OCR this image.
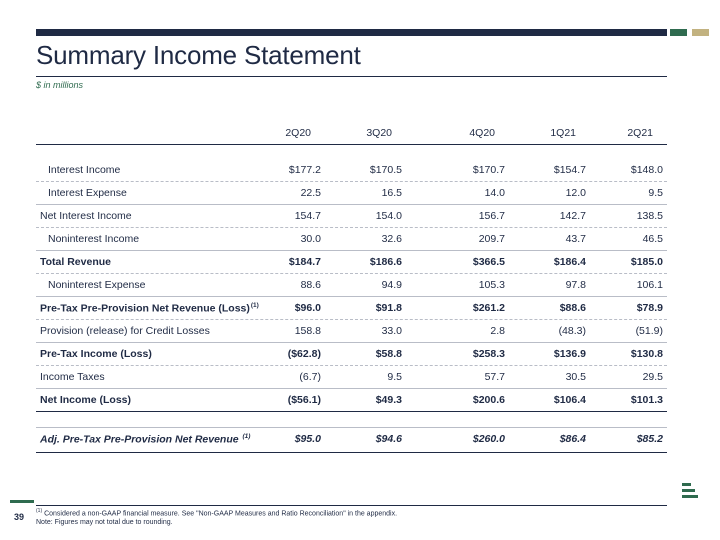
Summary Income Statement
$ in millions
2Q20	3Q20	4Q20	1Q21	2Q21
Interest Income	$177.2	$170.5	$170.7	$154.7	$148.0
Interest Expense	22.5	16.5	14.0	12.0	9.5
Net Interest Income	154.7	154.0	156.7	142.7	138.5
Noninterest Income	30.0	32.6	209.7	43.7	46.5
Total Revenue	$184.7	$186.6	$366.5	$186.4	$185.0
Noninterest Expense	88.6	94.9	105.3	97.8	106.1
Pre-Tax Pre-Provision Net Revenue (Loss)$^{(1)}$	$96.0	$91.8	$261.2	$88.6	$78.9
Provision (release) for Credit Losses	158.8	33.0	2.8	(48.3)	(51.9)
Pre-Tax Income (Loss)	($62.8)	$58.8	$258.3	$136.9	$130.8
Income Taxes	(6.7)	9.5	57.7	30.5	29.5
Net Income (Loss)	($56.1)	$49.3	$200.6	$106.4	$101.3
Adj. Pre-Tax Pre-Provision Net Revenue $^{(1)}$	$95.0	$94.6	$260.0	$86.4	$85.2
39
$^{(1)}$ Considered a non-GAAP financial measure. See "Non-GAAP Measures and Ratio Reconciliation" in the appendix.
Note: Figures may not total due to rounding.
